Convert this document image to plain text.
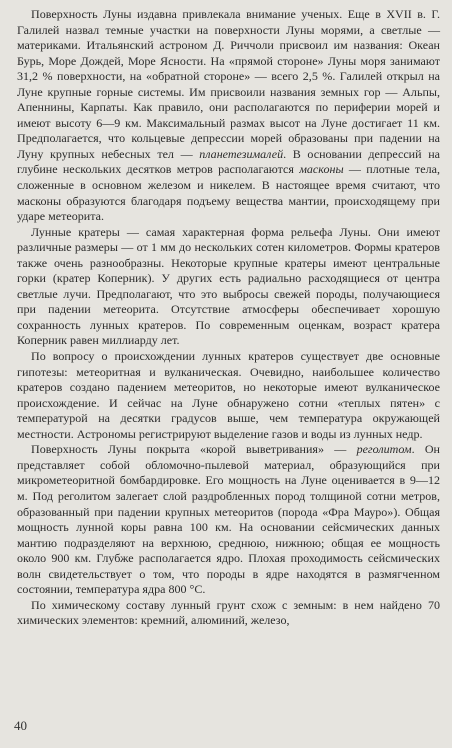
Поверхность Луны издавна привлекала внимание ученых. Еще в XVII в. Г. Галилей назвал темные участки на поверхности Луны морями, а светлые — материками. Итальянский астроном Д. Риччоли присвоил им названия: Океан Бурь, Море Дождей, Море Ясности. На «прямой стороне» Луны моря занимают 31,2 % поверхности, на «обратной стороне» — всего 2,5 %. Галилей открыл на Луне крупные горные системы. Им присвоили названия земных гор — Альпы, Апеннины, Карпаты. Как правило, они располагаются по периферии морей и имеют высоту 6—9 км. Максимальный размах высот на Луне достигает 11 км. Предполагается, что кольцевые депрессии морей образованы при падении на Луну крупных небесных тел — планетезималей. В основании депрессий на глубине нескольких десятков метров располагаются масконы — плотные тела, сложенные в основном железом и никелем. В настоящее время считают, что масконы образуются благодаря подъему вещества мантии, происходящему при ударе метеорита.

Лунные кратеры — самая характерная форма рельефа Луны. Они имеют различные размеры — от 1 мм до нескольких сотен километров. Формы кратеров также очень разнообразны. Некоторые крупные кратеры имеют центральные горки (кратер Коперник). У других есть радиально расходящиеся от центра светлые лучи. Предполагают, что это выбросы свежей породы, получающиеся при падении метеорита. Отсутствие атмосферы обеспечивает хорошую сохранность лунных кратеров. По современным оценкам, возраст кратера Коперник равен миллиарду лет.

По вопросу о происхождении лунных кратеров существует две основные гипотезы: метеоритная и вулканическая. Очевидно, наибольшее количество кратеров создано падением метеоритов, но некоторые имеют вулканическое происхождение. И сейчас на Луне обнаружено сотни «теплых пятен» с температурой на десятки градусов выше, чем температура окружающей местности. Астрономы регистрируют выделение газов и воды из лунных недр.

Поверхность Луны покрыта «корой выветривания» — реголитом. Он представляет собой обломочно-пылевой материал, образующийся при микрометеоритной бомбардировке. Его мощность на Луне оценивается в 9—12 м. Под реголитом залегает слой раздробленных пород толщиной сотни метров, образованный при падении крупных метеоритов (порода «Фра Мауро»). Общая мощность лунной коры равна 100 км. На основании сейсмических данных мантию подразделяют на верхнюю, среднюю, нижнюю; общая ее мощность около 900 км. Глубже располагается ядро. Плохая проходимость сейсмических волн свидетельствует о том, что породы в ядре находятся в размягченном состоянии, температура ядра 800 °С.

По химическому составу лунный грунт схож с земным: в нем найдено 70 химических элементов: кремний, алюминий, железо,

40
